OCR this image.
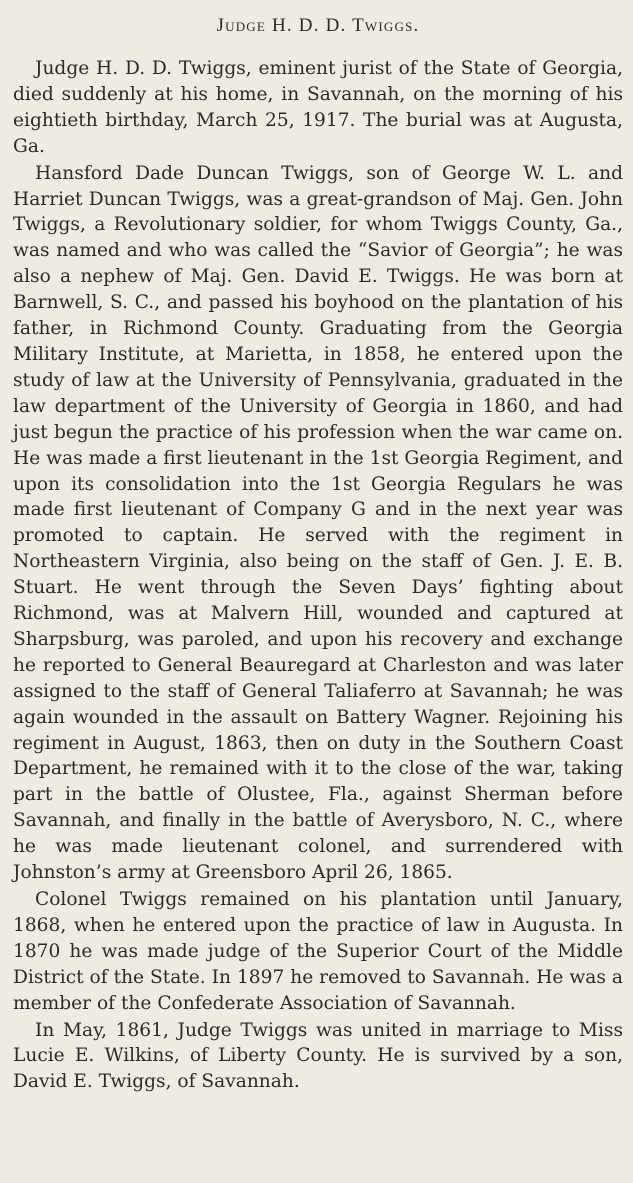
Judge H. D. D. Twiggs.

Judge H. D. D. Twiggs, eminent jurist of the State of Georgia, died suddenly at his home, in Savannah, on the morning of his eightieth birthday, March 25, 1917. The burial was at Augusta, Ga.

Hansford Dade Duncan Twiggs, son of George W. L. and Harriet Duncan Twiggs, was a great-grandson of Maj. Gen. John Twiggs, a Revolutionary soldier, for whom Twiggs County, Ga., was named and who was called the “Savior of Georgia”; he was also a nephew of Maj. Gen. David E. Twiggs. He was born at Barnwell, S. C., and passed his boyhood on the plantation of his father, in Richmond County. Graduating from the Georgia Military Institute, at Marietta, in 1858, he entered upon the study of law at the University of Pennsylvania, graduated in the law department of the University of Georgia in 1860, and had just begun the practice of his profession when the war came on. He was made a first lieutenant in the 1st Georgia Regiment, and upon its consolidation into the 1st Georgia Regulars he was made first lieutenant of Company G and in the next year was promoted to captain. He served with the regiment in Northeastern Virginia, also being on the staff of Gen. J. E. B. Stuart. He went through the Seven Days’ fighting about Richmond, was at Malvern Hill, wounded and captured at Sharpsburg, was paroled, and upon his recovery and exchange he reported to General Beauregard at Charleston and was later assigned to the staff of General Taliaferro at Savannah; he was again wounded in the assault on Battery Wagner. Rejoining his regiment in August, 1863, then on duty in the Southern Coast Department, he remained with it to the close of the war, taking part in the battle of Olustee, Fla., against Sherman before Savannah, and finally in the battle of Averysboro, N. C., where he was made lieutenant colonel, and surrendered with Johnston’s army at Greensboro April 26, 1865.

Colonel Twiggs remained on his plantation until January, 1868, when he entered upon the practice of law in Augusta. In 1870 he was made judge of the Superior Court of the Middle District of the State. In 1897 he removed to Savannah. He was a member of the Confederate Association of Savannah.

In May, 1861, Judge Twiggs was united in marriage to Miss Lucie E. Wilkins, of Liberty County. He is survived by a son, David E. Twiggs, of Savannah.
